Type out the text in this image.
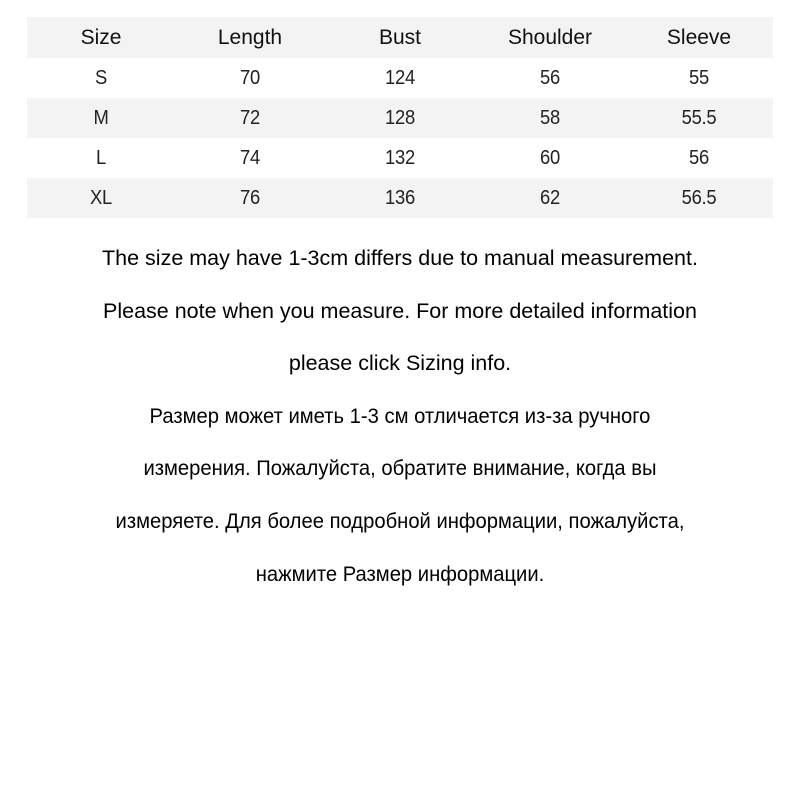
Size	Length	Bust	Shoulder	Sleeve
S	70	124	56	55
M	72	128	58	55.5
L	74	132	60	56
XL	76	136	62	56.5
The size may have 1-3cm differs due to manual measurement.
Please note when you measure. For more detailed information
please click Sizing info.
Размер может иметь 1-3 см отличается из-за ручного
измерения. Пожалуйста, обратите внимание, когда вы
измеряете. Для более подробной информации, пожалуйста,
нажмите Размер информации.
